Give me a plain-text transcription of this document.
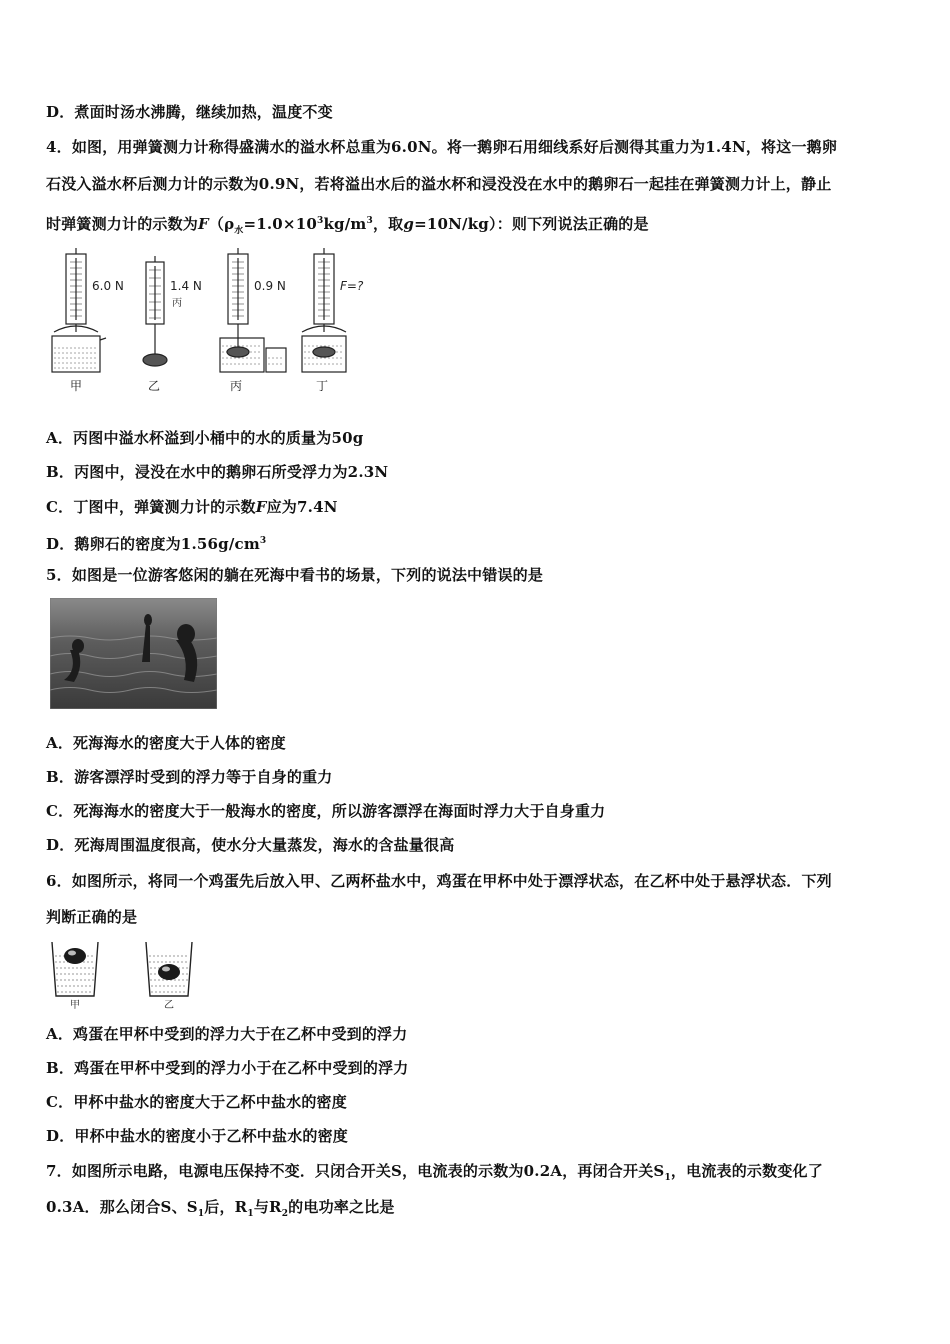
D．煮面时汤水沸腾，继续加热，温度不变
4．如图，用弹簧测力计称得盛满水的溢水杯总重为6.0N。将一鹅卵石用细线系好后测得其重力为1.4N，将这一鹅卵
石没入溢水杯后测力计的示数为0.9N，若将溢出水后的溢水杯和浸没没在水中的鹅卵石一起挂在弹簧测力计上，静止
时弹簧测力计的示数为$F(\rho_水=1.0\times 10^3kg/m^3$，取g=10N/kg）：则下列说法正确的是
6.0 N	1.4 N
丙
0.9 N	F=?
甲	乙	丙	丁
A．丙图中溢水杯溢到小桶中的水的质量为50g
B．丙图中，浸没在水中的鹅卵石所受浮力为2.3N
C．丁图中，弹簧测力计的示数F应为7.4N
D．鹅卵石的密度为$1.56g/cm^3$
5．如图是一位游客悠闲的躺在死海中看书的场景，下列的说法中错误的是
A．死海海水的密度大于人体的密度
B．游客漂浮时受到的浮力等于自身的重力
C．死海海水的密度大于一般海水的密度，所以游客漂浮在海面时浮力大于自身重力
D．死海周围温度很高，使水分大量蒸发，海水的含盐量很高
6．如图所示，将同一个鸡蛋先后放入甲、乙两杯盐水中，鸡蛋在甲杯中处于漂浮状态，在乙杯中处于悬浮状态．下列
判断正确的是
甲	乙
A．鸡蛋在甲杯中受到的浮力大于在乙杯中受到的浮力
B．鸡蛋在甲杯中受到的浮力小于在乙杯中受到的浮力
C．甲杯中盐水的密度大于乙杯中盐水的密度
D．甲杯中盐水的密度小于乙杯中盐水的密度
7．如图所示电路，电源电压保持不变．只闭合开关S，电流表的示数为0.2A，再闭合开关$S_1$，电流表的示数变化了
0.3A．那么闭合S、$S_1$后，$R_1$与$R_2$的电功率之比是
